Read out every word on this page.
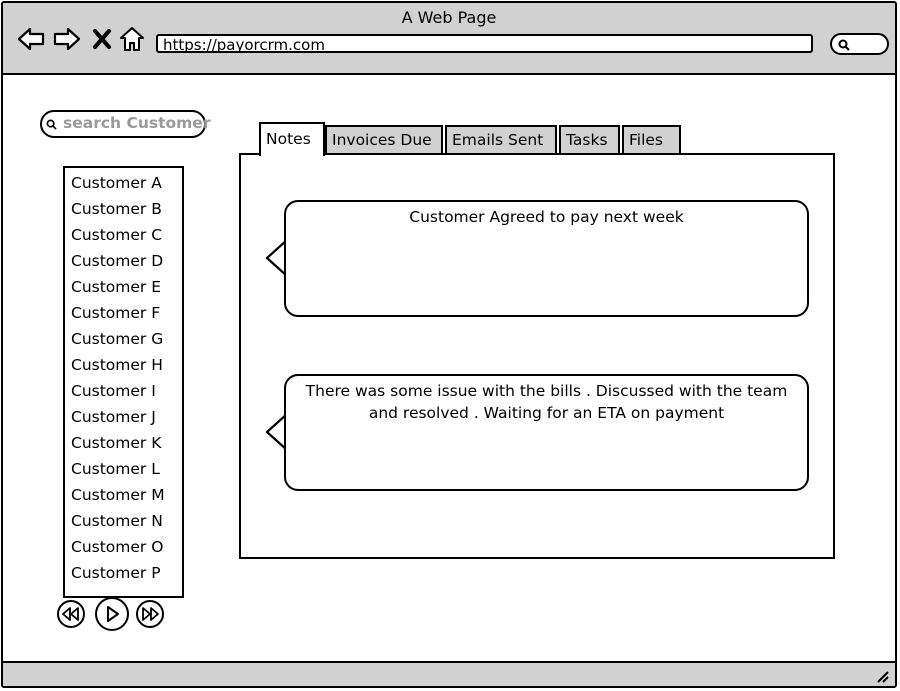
A Web Page
https://payorcrm.com
search Customer
Customer A
Customer B
Customer C
Customer D
Customer E
Customer F
Customer G
Customer H
Customer I
Customer J
Customer K
Customer L
Customer M
Customer N
Customer O
Customer P
Notes	Invoices Due	Emails Sent	Tasks	Files
Customer Agreed to pay next week
There was some issue with the bills . Discussed with the team and resolved . Waiting for an ETA on payment
